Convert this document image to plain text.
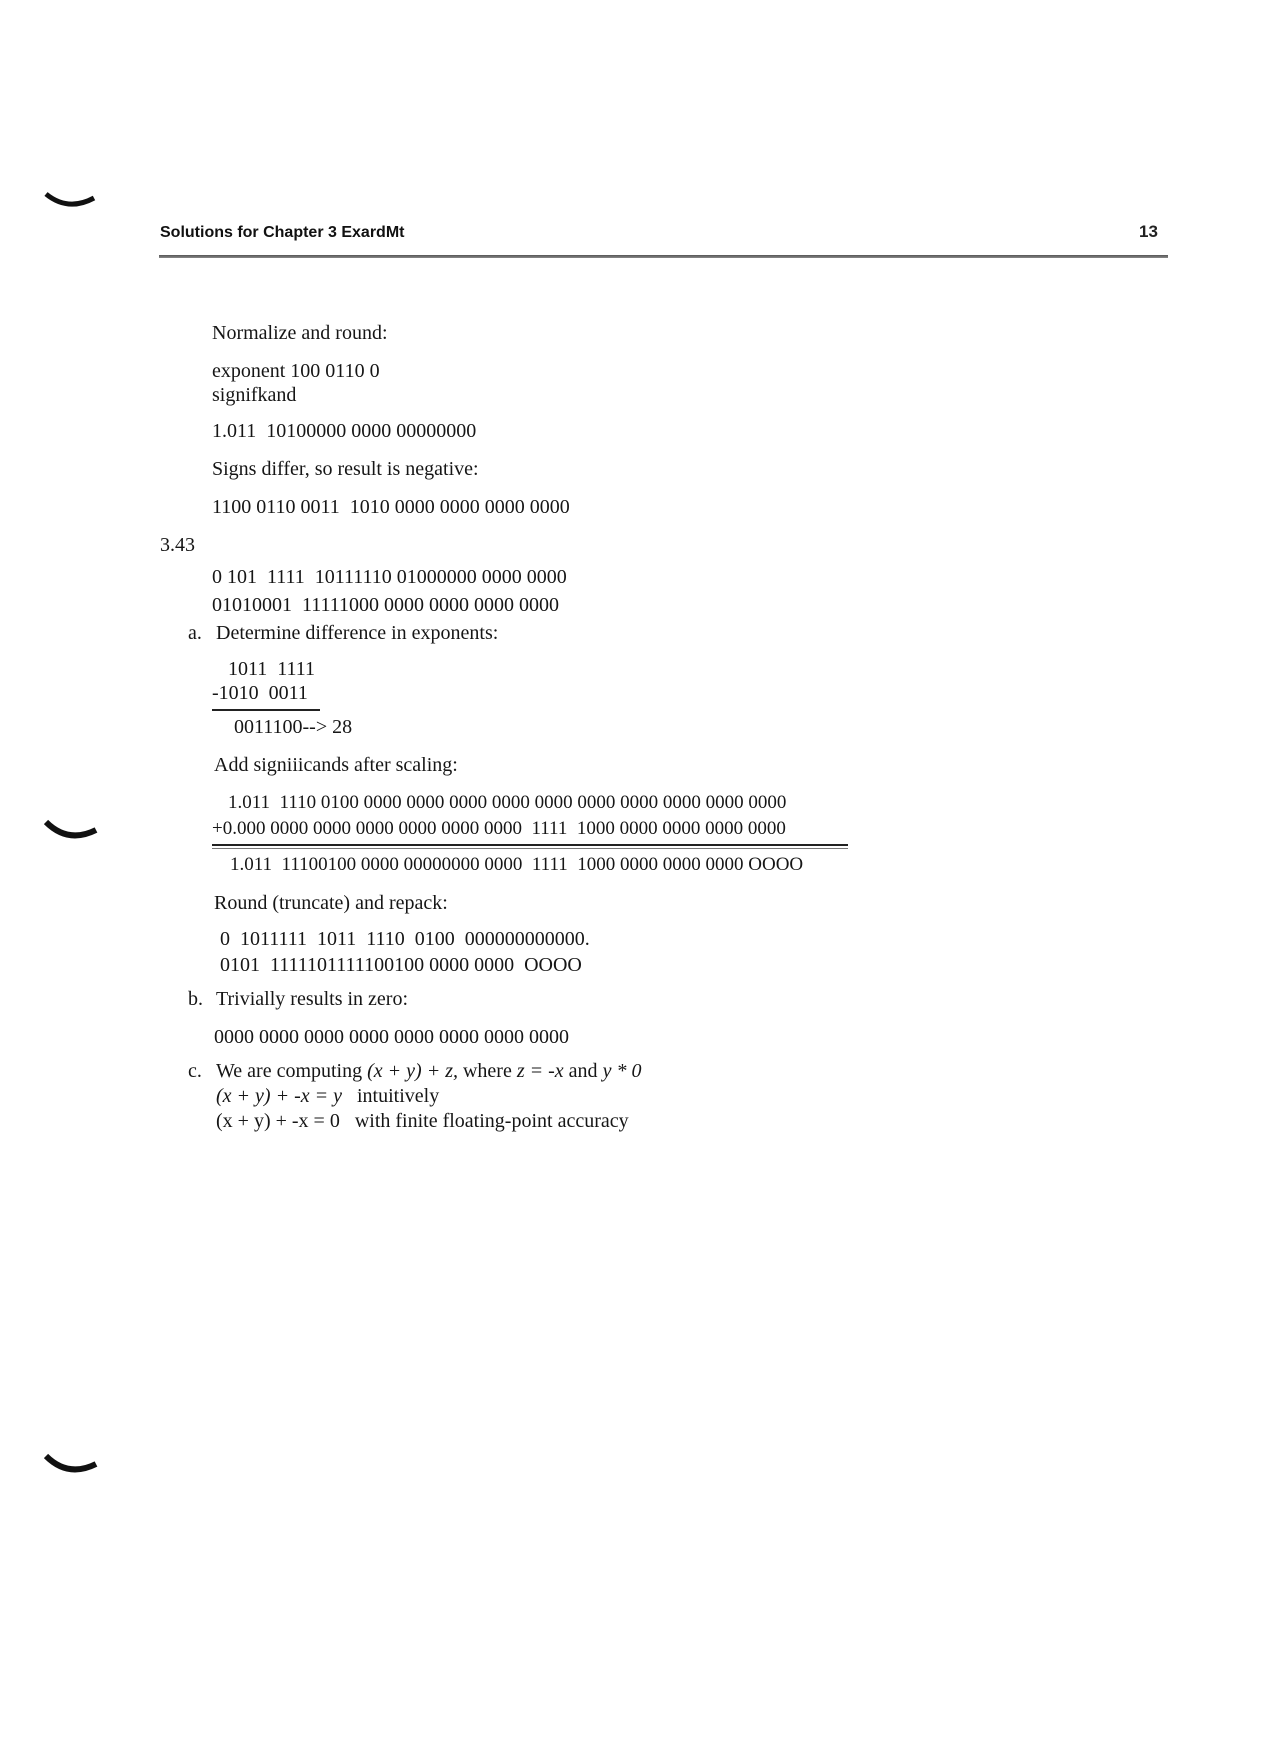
Solutions for Chapter 3 ExardMt	13
Normalize and round:
exponent 100 0110 0
signifkand
1.011  10100000 0000 00000000
Signs differ, so result is negative:
1100 0110 0011  1010 0000 0000 0000 0000
3.43
0 101  1111  10111110 01000000 0000 0000
01010001  11111000 0000 0000 0000 0000
a. Determine difference in exponents:
1011  1111
-1010  0011
0011100--> 28
Add signiiicands after scaling:
1.011  1110 0100 0000 0000 0000 0000 0000 0000 0000 0000 0000 0000
+0.000 0000 0000 0000 0000 0000 0000  1111  1000 0000 0000 0000 0000
1.011  11100100 0000 00000000 0000  1111  1000 0000 0000 0000 OOOO
Round (truncate) and repack:
0  1011111  1011  1110  0100  000000000000.
0101  1111101111100100 0000 0000  OOOO
b. Trivially results in zero:
0000 0000 0000 0000 0000 0000 0000 0000
c. We are computing (x + y) + z, where z = -x and y * 0
(x + y) + -x = y intuitively
(x + y) + -x = 0 with finite floating-point accuracy
